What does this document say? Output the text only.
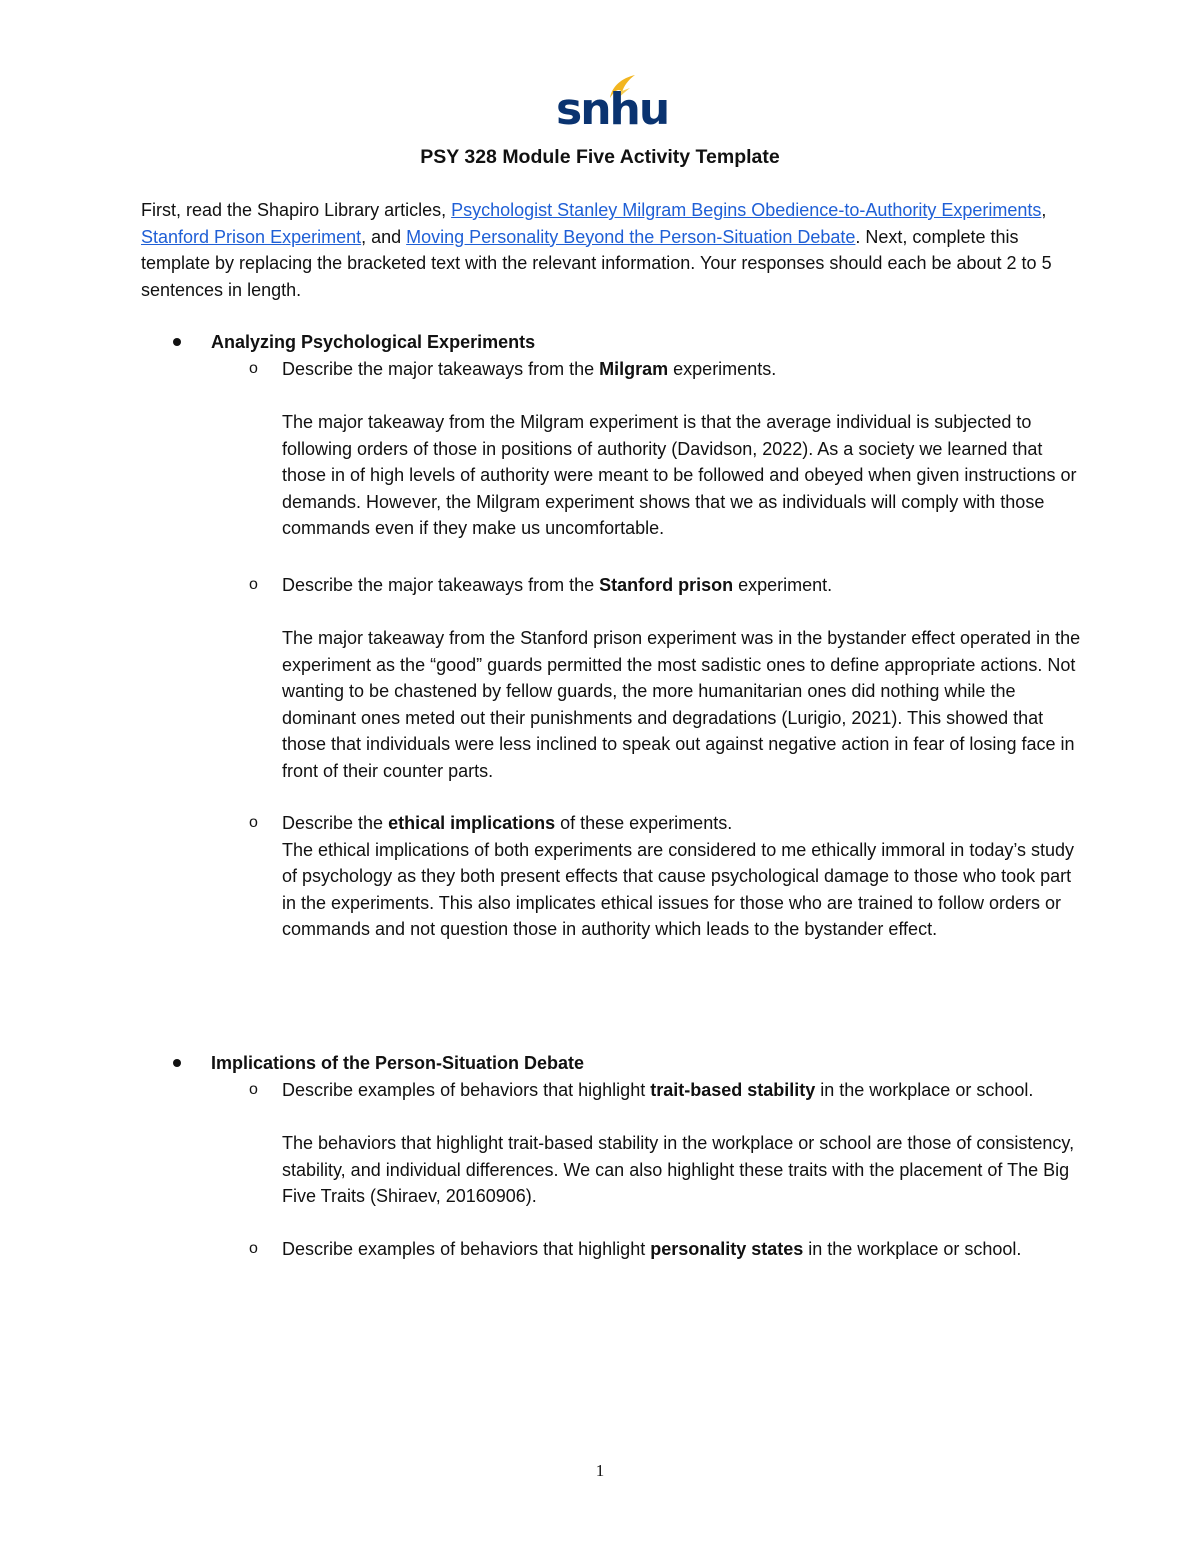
snhu
PSY 328 Module Five Activity Template

First, read the Shapiro Library articles, Psychologist Stanley Milgram Begins Obedience-to-Authority Experiments, Stanford Prison Experiment, and Moving Personality Beyond the Person-Situation Debate. Next, complete this template by replacing the bracketed text with the relevant information. Your responses should each be about 2 to 5 sentences in length.

Analyzing Psychological Experiments
o Describe the major takeaways from the Milgram experiments.

The major takeaway from the Milgram experiment is that the average individual is subjected to following orders of those in positions of authority (Davidson, 2022). As a society we learned that those in of high levels of authority were meant to be followed and obeyed when given instructions or demands. However, the Milgram experiment shows that we as individuals will comply with those commands even if they make us uncomfortable.

o Describe the major takeaways from the Stanford prison experiment.

The major takeaway from the Stanford prison experiment was in the bystander effect operated in the experiment as the “good” guards permitted the most sadistic ones to define appropriate actions. Not wanting to be chastened by fellow guards, the more humanitarian ones did nothing while the dominant ones meted out their punishments and degradations (Lurigio, 2021). This showed that those that individuals were less inclined to speak out against negative action in fear of losing face in front of their counter parts.

o Describe the ethical implications of these experiments.

The ethical implications of both experiments are considered to me ethically immoral in today’s study of psychology as they both present effects that cause psychological damage to those who took part in the experiments. This also implicates ethical issues for those who are trained to follow orders or commands and not question those in authority which leads to the bystander effect.

Implications of the Person-Situation Debate
o Describe examples of behaviors that highlight trait-based stability in the workplace or school.

The behaviors that highlight trait-based stability in the workplace or school are those of consistency, stability, and individual differences. We can also highlight these traits with the placement of The Big Five Traits (Shiraev, 20160906).

o Describe examples of behaviors that highlight personality states in the workplace or school.

1
